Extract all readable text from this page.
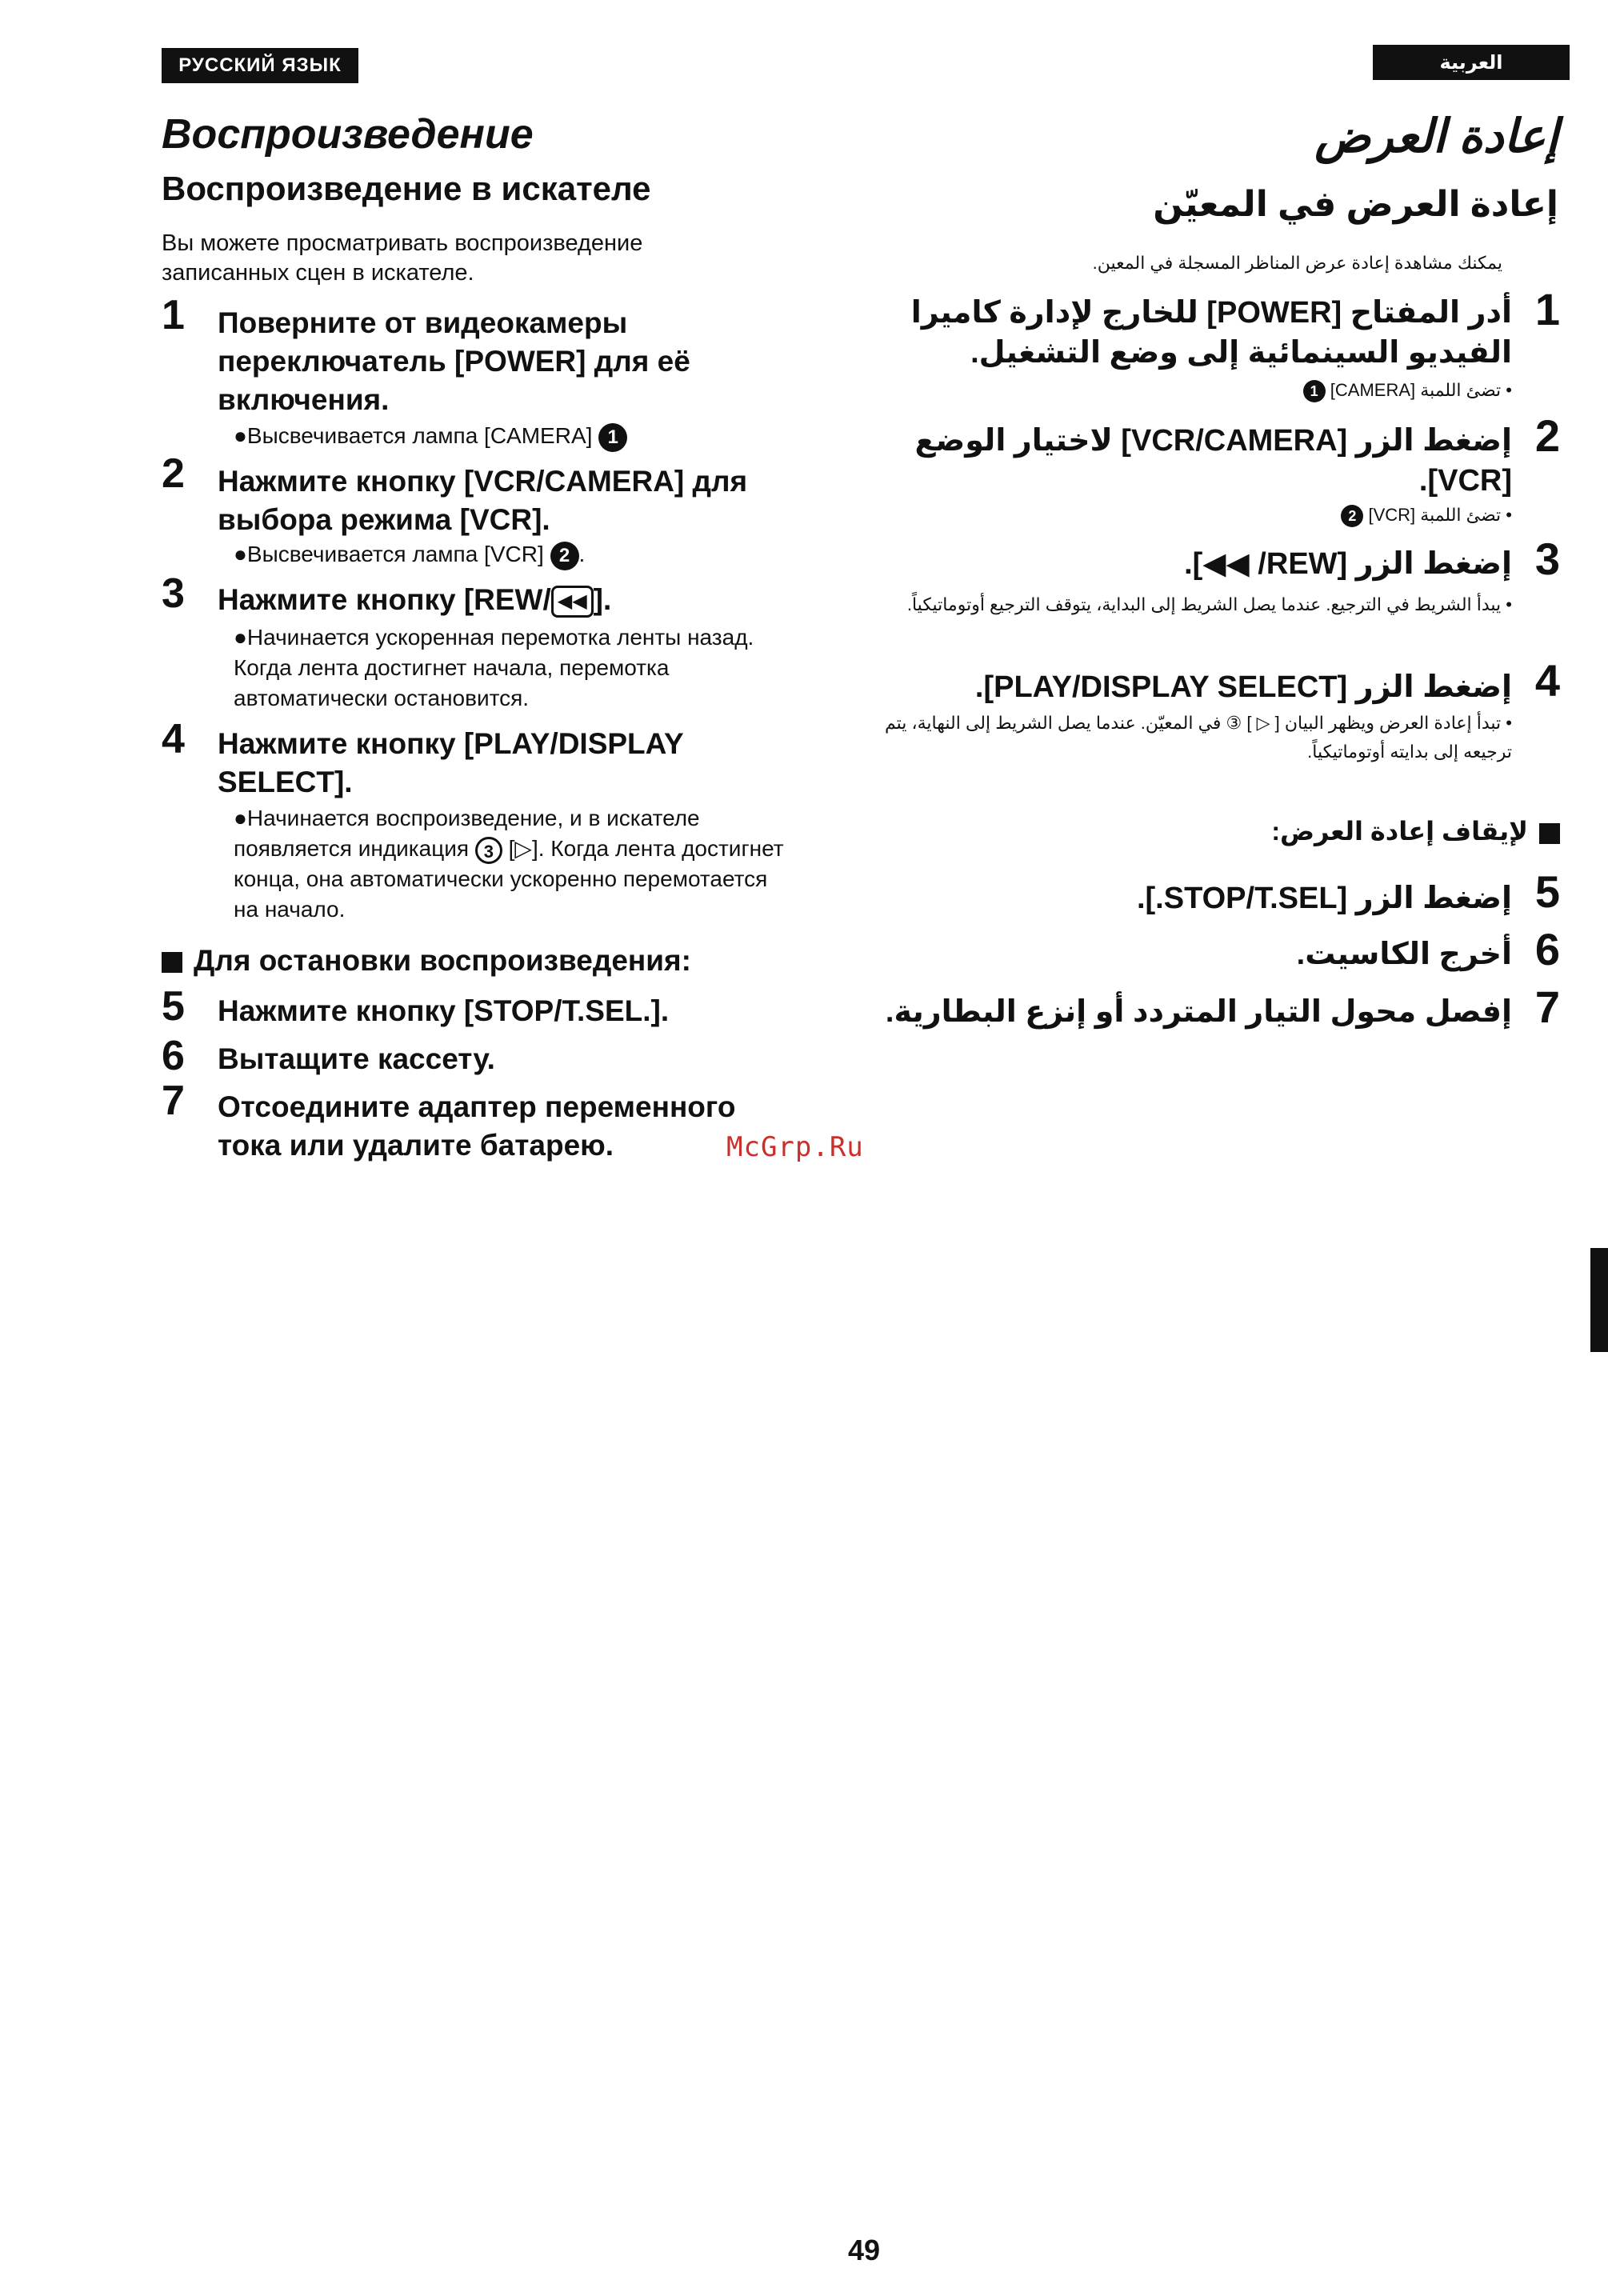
РУССКИЙ ЯЗЫК	العربية
Воспроизведение
Воспроизведение в искателе
Вы можете просматривать воспроизведение записанных сцен в искателе.
1 Поверните от видеокамеры переключатель [POWER] для её включения.
●Высвечивается лампа [CAMERA] 1
2 Нажмите кнопку [VCR/CAMERA] для выбора режима [VCR].
●Высвечивается лампа [VCR] 2 .
3 Нажмите кнопку [REW/ ◀◀ ].
●Начинается ускоренная перемотка ленты назад. Когда лента достигнет начала, перемотка автоматически остановится.
4 Нажмите кнопку [PLAY/DISPLAY SELECT].
●Начинается воспроизведение, и в искателе появляется индикация 3 [▷]. Когда лента достигнет конца, она автоматически ускоренно перемотается на начало.
Для остановки воспроизведения:
5 Нажмите кнопку [STOP/T.SEL.].
6 Вытащите кассету.
7 Отсоедините адаптер переменного тока или удалите батарею.	McGrp.Ru
إعادة العرض
إعادة العرض في المعيّن
يمكنك مشاهدة إعادة عرض المناظر المسجلة في المعين.
1
أدر المفتاح [POWER] للخارج لإدارة كاميرا الفيديو السينمائية إلى وضع التشغيل.
• تضئ اللمبة [CAMERA] 1
2
إضغط الزر [VCR/CAMERA] لاختيار الوضع [VCR].
• تضئ اللمبة [VCR] 2
3
إضغط الزر [REW/ ◀◀].
• يبدأ الشريط في الترجيع. عندما يصل الشريط إلى البداية، يتوقف الترجيع أوتوماتيكياً.
4
إضغط الزر [PLAY/DISPLAY SELECT].
• تبدأ إعادة العرض ويظهر البيان [ ▷ ] ③ في المعيّن. عندما يصل الشريط إلى النهاية، يتم ترجيعه إلى بدايته أوتوماتيكياً.
لإيقاف إعادة العرض:
5
إضغط الزر [STOP/T.SEL.].
6
أخرج الكاسيت.
7
إفصل محول التيار المتردد أو إنزع البطارية.
49
